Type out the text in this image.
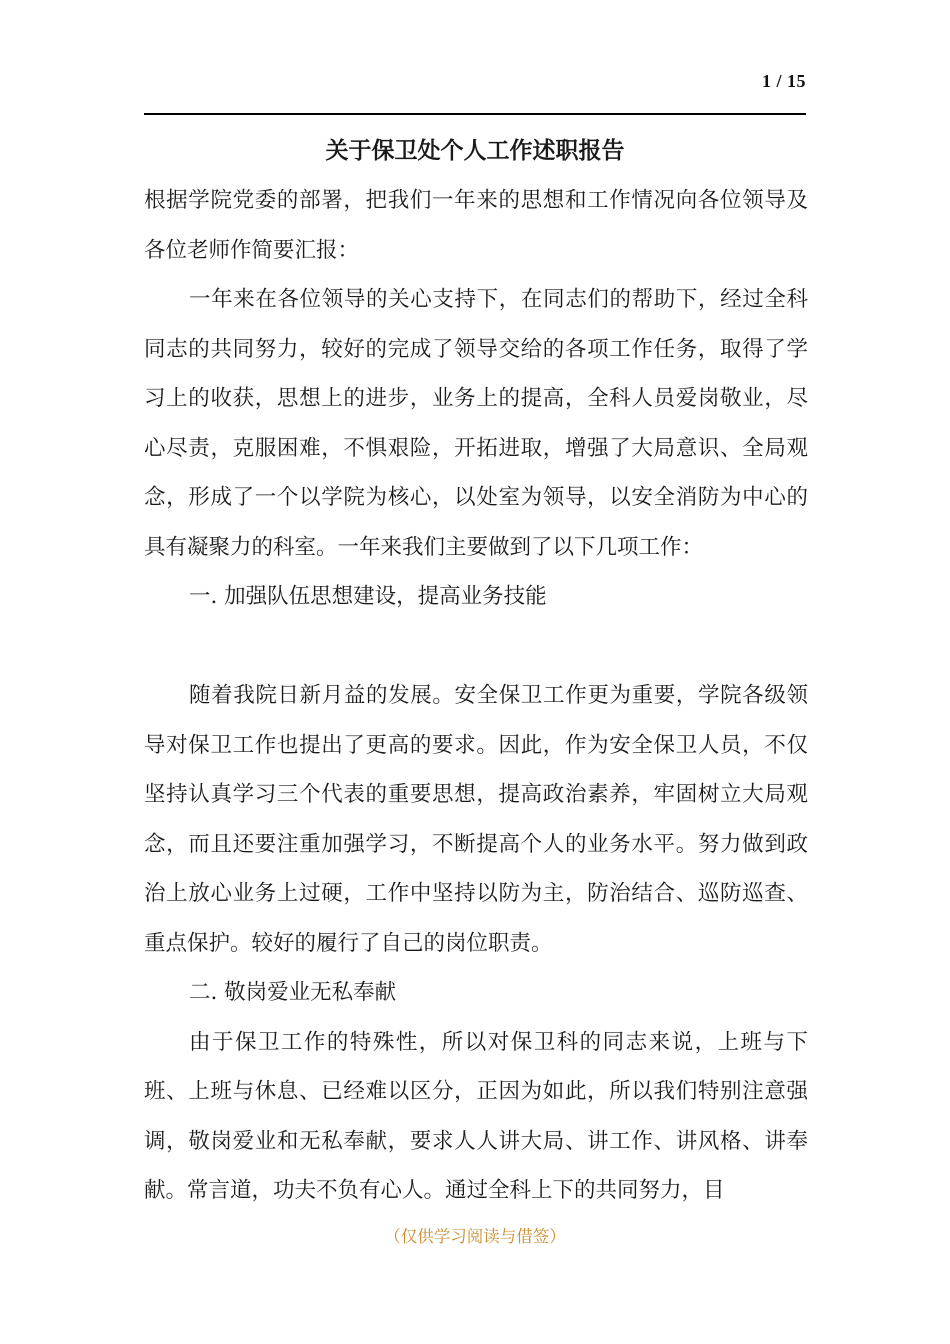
1 / 15
关于保卫处个人工作述职报告

根据学院党委的部署，把我们一年来的思想和工作情况向各位领导及各位老师作简要汇报：

一年来在各位领导的关心支持下，在同志们的帮助下，经过全科同志的共同努力，较好的完成了领导交给的各项工作任务，取得了学习上的收获，思想上的进步，业务上的提高，全科人员爱岗敬业，尽心尽责，克服困难，不惧艰险，开拓进取，增强了大局意识、全局观念，形成了一个以学院为核心，以处室为领导，以安全消防为中心的具有凝聚力的科室。一年来我们主要做到了以下几项工作：

一. 加强队伍思想建设，提高业务技能

随着我院日新月益的发展。安全保卫工作更为重要，学院各级领导对保卫工作也提出了更高的要求。因此，作为安全保卫人员，不仅坚持认真学习三个代表的重要思想，提高政治素养，牢固树立大局观念，而且还要注重加强学习，不断提高个人的业务水平。努力做到政治上放心业务上过硬，工作中坚持以防为主，防治结合、巡防巡查、重点保护。较好的履行了自己的岗位职责。

二. 敬岗爱业无私奉献

由于保卫工作的特殊性，所以对保卫科的同志来说，上班与下班、上班与休息、已经难以区分，正因为如此，所以我们特别注意强调，敬岗爱业和无私奉献，要求人人讲大局、讲工作、讲风格、讲奉献。常言道，功夫不负有心人。通过全科上下的共同努力，目

（仅供学习阅读与借签）
